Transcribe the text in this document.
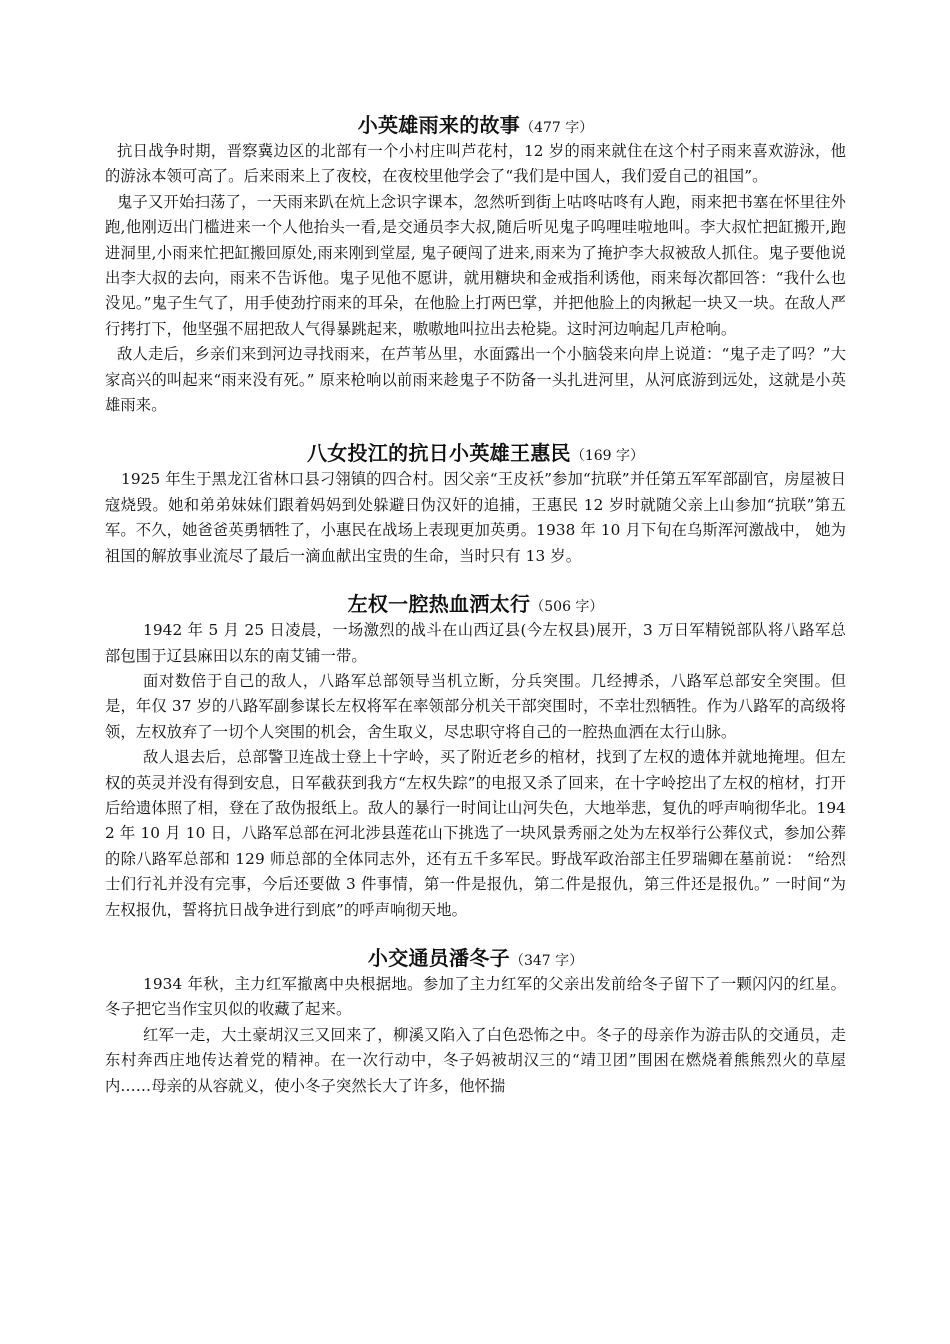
小英雄雨来的故事（477 字）

抗日战争时期，晋察冀边区的北部有一个小村庄叫芦花村，12 岁的雨来就住在这个村子雨来喜欢游泳，他的游泳本领可高了。后来雨来上了夜校，在夜校里他学会了“我们是中国人，我们爱自己的祖国”。

鬼子又开始扫荡了，一天雨来趴在炕上念识字课本，忽然听到街上咕咚咕咚有人跑，雨来把书塞在怀里往外跑,他刚迈出门槛进来一个人他抬头一看,是交通员李大叔,随后听见鬼子呜哩哇啦地叫。李大叔忙把缸搬开,跑进洞里,小雨来忙把缸搬回原处,雨来刚到堂屋, 鬼子硬闯了进来,雨来为了掩护李大叔被敌人抓住。鬼子要他说出李大叔的去向，雨来不告诉他。鬼子见他不愿讲，就用糖块和金戒指利诱他，雨来每次都回答：“我什么也没见。”鬼子生气了，用手使劲拧雨来的耳朵，在他脸上打两巴掌，并把他脸上的肉揪起一块又一块。在敌人严行拷打下，他坚强不屈把敌人气得暴跳起来，嗷嗷地叫拉出去枪毙。这时河边响起几声枪响。

敌人走后，乡亲们来到河边寻找雨来，在芦苇丛里，水面露出一个小脑袋来向岸上说道：“鬼子走了吗？”大家高兴的叫起来“雨来没有死。” 原来枪响以前雨来趁鬼子不防备一头扎进河里，从河底游到远处，这就是小英雄雨来。

八女投江的抗日小英雄王惠民（169 字）

1925 年生于黑龙江省林口县刁翎镇的四合村。因父亲“王皮袄”参加“抗联”并任第五军军部副官，房屋被日寇烧毁。她和弟弟妹妹们跟着妈妈到处躲避日伪汉奸的追捕，王惠民 12 岁时就随父亲上山参加“抗联”第五军。不久，她爸爸英勇牺牲了，小惠民在战场上表现更加英勇。1938 年 10 月下旬在乌斯浑河激战中， 她为祖国的解放事业流尽了最后一滴血献出宝贵的生命，当时只有 13 岁。

左权一腔热血洒太行（506 字）

1942 年 5 月 25 日凌晨，一场激烈的战斗在山西辽县(今左权县)展开，3 万日军精锐部队将八路军总部包围于辽县麻田以东的南艾铺一带。

面对数倍于自己的敌人，八路军总部领导当机立断，分兵突围。几经搏杀，八路军总部安全突围。但是，年仅 37 岁的八路军副参谋长左权将军在率领部分机关干部突围时，不幸壮烈牺牲。作为八路军的高级将领，左权放弃了一切个人突围的机会，舍生取义，尽忠职守将自己的一腔热血洒在太行山脉。

敌人退去后，总部警卫连战士登上十字岭，买了附近老乡的棺材，找到了左权的遗体并就地掩埋。但左权的英灵并没有得到安息，日军截获到我方“左权失踪”的电报又杀了回来，在十字岭挖出了左权的棺材，打开后给遗体照了相，登在了敌伪报纸上。敌人的暴行一时间让山河失色，大地举悲，复仇的呼声响彻华北。1942 年 10 月 10 日，八路军总部在河北涉县莲花山下挑选了一块风景秀丽之处为左权举行公葬仪式，参加公葬的除八路军总部和 129 师总部的全体同志外，还有五千多军民。野战军政治部主任罗瑞卿在墓前说： “给烈士们行礼并没有完事，今后还要做 3 件事情，第一件是报仇，第二件是报仇，第三件还是报仇。” 一时间“为左权报仇，誓将抗日战争进行到底”的呼声响彻天地。

小交通员潘冬子（347 字）

1934 年秋，主力红军撤离中央根据地。参加了主力红军的父亲出发前给冬子留下了一颗闪闪的红星。冬子把它当作宝贝似的收藏了起来。

红军一走，大土豪胡汉三又回来了，柳溪又陷入了白色恐怖之中。冬子的母亲作为游击队的交通员，走东村奔西庄地传达着党的精神。在一次行动中，冬子妈被胡汉三的“靖卫团”围困在燃烧着熊熊烈火的草屋内……母亲的从容就义，使小冬子突然长大了许多，他怀揣
